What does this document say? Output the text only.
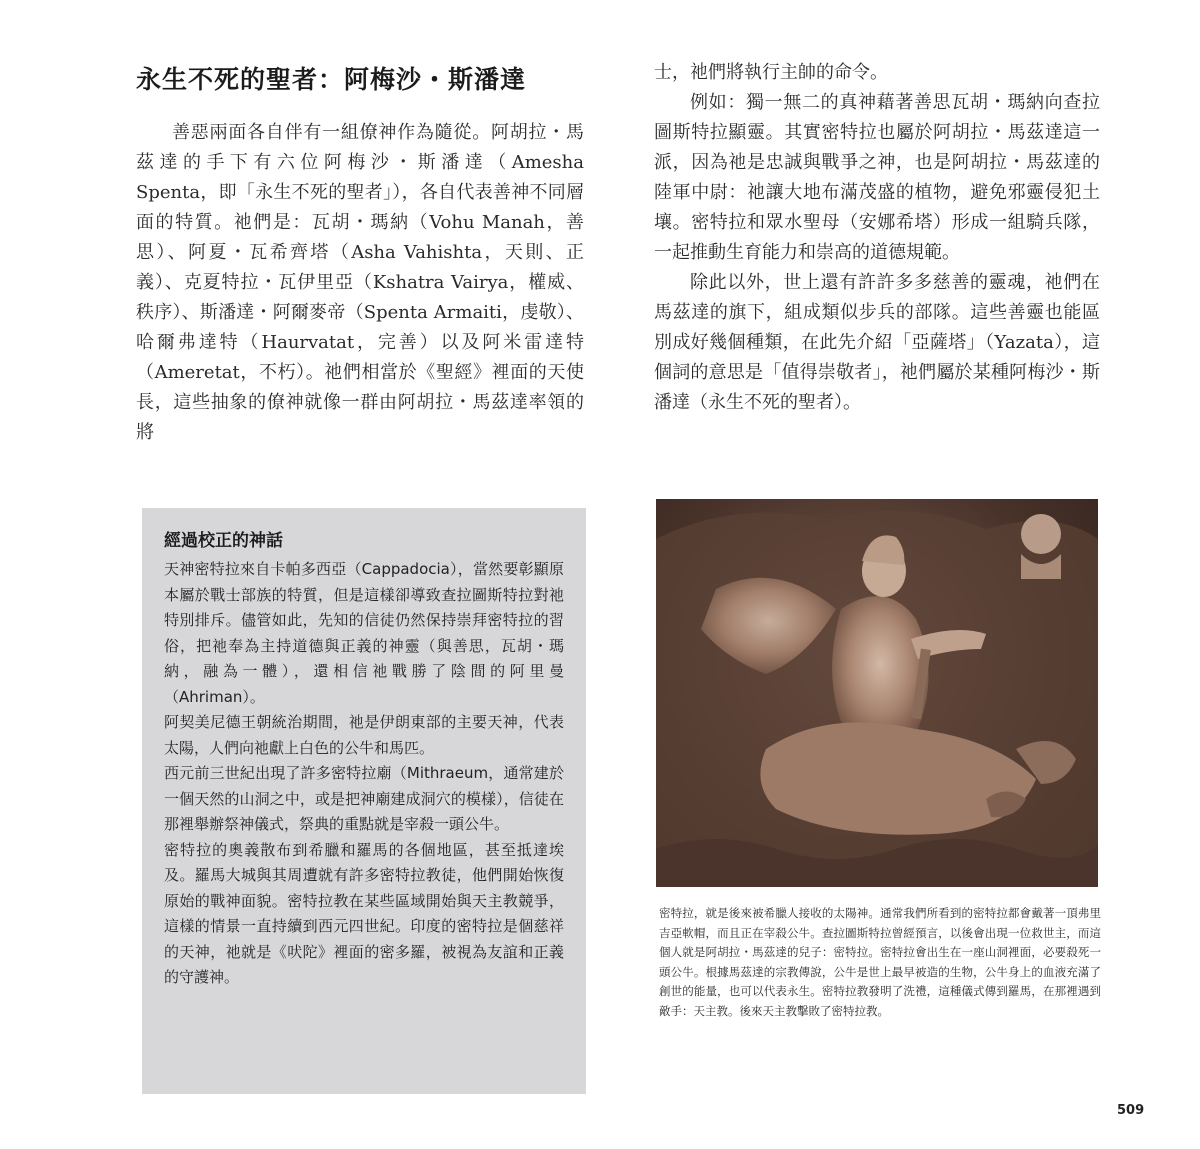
永生不死的聖者：阿梅沙・斯潘達

善惡兩面各自伴有一組僚神作為隨從。阿胡拉・馬茲達的手下有六位阿梅沙・斯潘達（Amesha Spenta，即「永生不死的聖者」），各自代表善神不同層面的特質。祂們是：瓦胡・瑪納（Vohu Manah，善思）、阿夏・瓦希齊塔（Asha Vahishta，天則、正義）、克夏特拉・瓦伊里亞（Kshatra Vairya，權威、秩序）、斯潘達・阿爾麥帝（Spenta Armaiti，虔敬）、哈爾弗達特（Haurvatat，完善）以及阿米雷達特（Ameretat，不朽）。祂們相當於《聖經》裡面的天使長，這些抽象的僚神就像一群由阿胡拉・馬茲達率領的將

士，祂們將執行主帥的命令。

例如：獨一無二的真神藉著善思瓦胡・瑪納向查拉圖斯特拉顯靈。其實密特拉也屬於阿胡拉・馬茲達這一派，因為祂是忠誠與戰爭之神，也是阿胡拉・馬茲達的陸軍中尉：祂讓大地布滿茂盛的植物，避免邪靈侵犯土壤。密特拉和眾水聖母（安娜希塔）形成一組騎兵隊，一起推動生育能力和崇高的道德規範。

除此以外，世上還有許許多多慈善的靈魂，祂們在馬茲達的旗下，組成類似步兵的部隊。這些善靈也能區別成好幾個種類，在此先介紹「亞薩塔」（Yazata），這個詞的意思是「值得崇敬者」，祂們屬於某種阿梅沙・斯潘達（永生不死的聖者）。

經過校正的神話

天神密特拉來自卡帕多西亞（Cappadocia），當然要彰顯原本屬於戰士部族的特質，但是這樣卻導致查拉圖斯特拉對祂特別排斥。儘管如此，先知的信徒仍然保持崇拜密特拉的習俗，把祂奉為主持道德與正義的神靈（與善思，瓦胡・瑪納，融為一體），還相信祂戰勝了陰間的阿里曼（Ahriman）。

阿契美尼德王朝統治期間，祂是伊朗東部的主要天神，代表太陽，人們向祂獻上白色的公牛和馬匹。

西元前三世紀出現了許多密特拉廟（Mithraeum，通常建於一個天然的山洞之中，或是把神廟建成洞穴的模樣），信徒在那裡舉辦祭神儀式，祭典的重點就是宰殺一頭公牛。

密特拉的奧義散布到希臘和羅馬的各個地區，甚至抵達埃及。羅馬大城與其周遭就有許多密特拉教徒，他們開始恢復原始的戰神面貌。密特拉教在某些區域開始與天主教競爭，這樣的情景一直持續到西元四世紀。印度的密特拉是個慈祥的天神，祂就是《吠陀》裡面的密多羅，被視為友誼和正義的守護神。

密特拉，就是後來被希臘人接收的太陽神。通常我們所看到的密特拉都會戴著一頂弗里吉亞軟帽，而且正在宰殺公牛。查拉圖斯特拉曾經預言，以後會出現一位救世主，而這個人就是阿胡拉・馬茲達的兒子：密特拉。密特拉會出生在一座山洞裡面，必要殺死一頭公牛。根據馬茲達的宗教傳說，公牛是世上最早被造的生物，公牛身上的血液充滿了創世的能量，也可以代表永生。密特拉教發明了洗禮，這種儀式傳到羅馬，在那裡遇到敵手：天主教。後來天主教擊敗了密特拉教。
509
